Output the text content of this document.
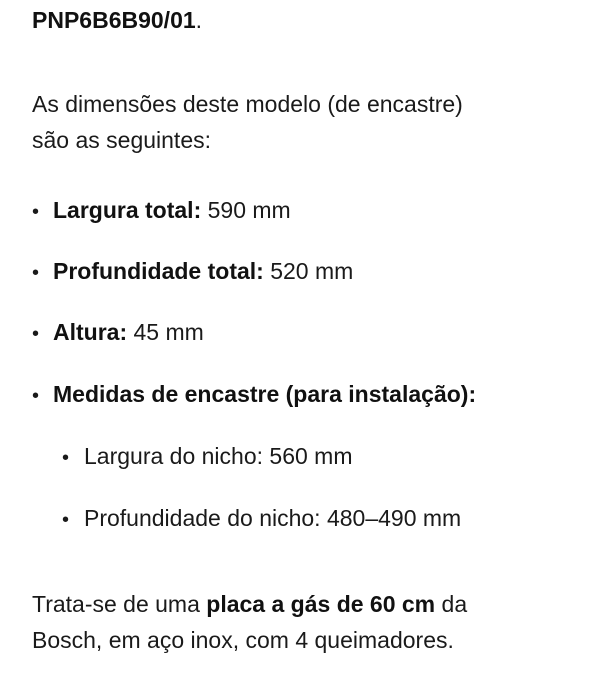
PNP6B6B90/01.
As dimensões deste modelo (de encastre)
são as seguintes:
• Largura total: 590 mm
• Profundidade total: 520 mm
• Altura: 45 mm
• Medidas de encastre (para instalação):
• Largura do nicho: 560 mm
• Profundidade do nicho: 480–490 mm
Trata-se de uma placa a gás de 60 cm da
Bosch, em aço inox, com 4 queimadores.
